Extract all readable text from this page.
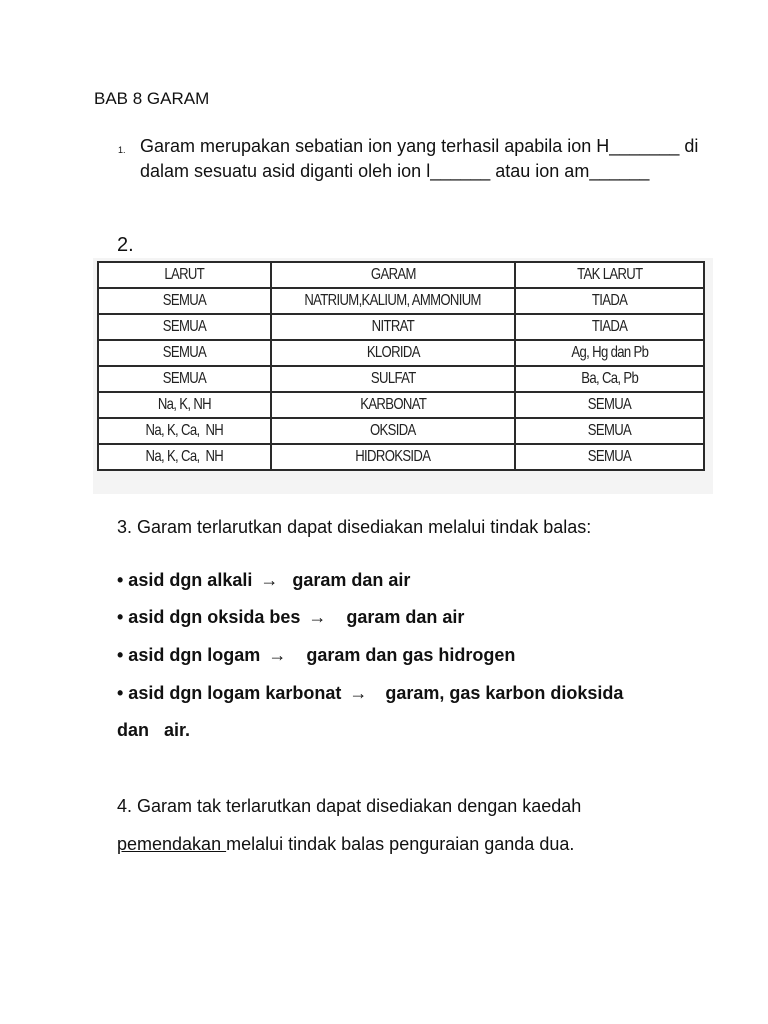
BAB 8 GARAM
1. Garam merupakan sebatian ion yang terhasil apabila ion H_______ di dalam sesuatu asid diganti oleh ion l______ atau ion am______
2.
LARUT	GARAM	TAK LARUT
SEMUA	NATRIUM,KALIUM, AMMONIUM	TIADA
SEMUA	NITRAT	TIADA
SEMUA	KLORIDA	Ag, Hg dan Pb
SEMUA	SULFAT	Ba, Ca, Pb
Na, K, NH	KARBONAT	SEMUA
Na, K, Ca,  NH	OKSIDA	SEMUA
Na, K, Ca,  NH	HIDROKSIDA	SEMUA
3. Garam terlarutkan dapat disediakan melalui tindak balas:
• asid dgn alkali → garam dan air
• asid dgn oksida bes → garam dan air
• asid dgn logam → garam dan gas hidrogen
• asid dgn logam karbonat → garam, gas karbon dioksida
dan   air.
4. Garam tak terlarutkan dapat disediakan dengan kaedah
pemendakan melalui tindak balas penguraian ganda dua.
